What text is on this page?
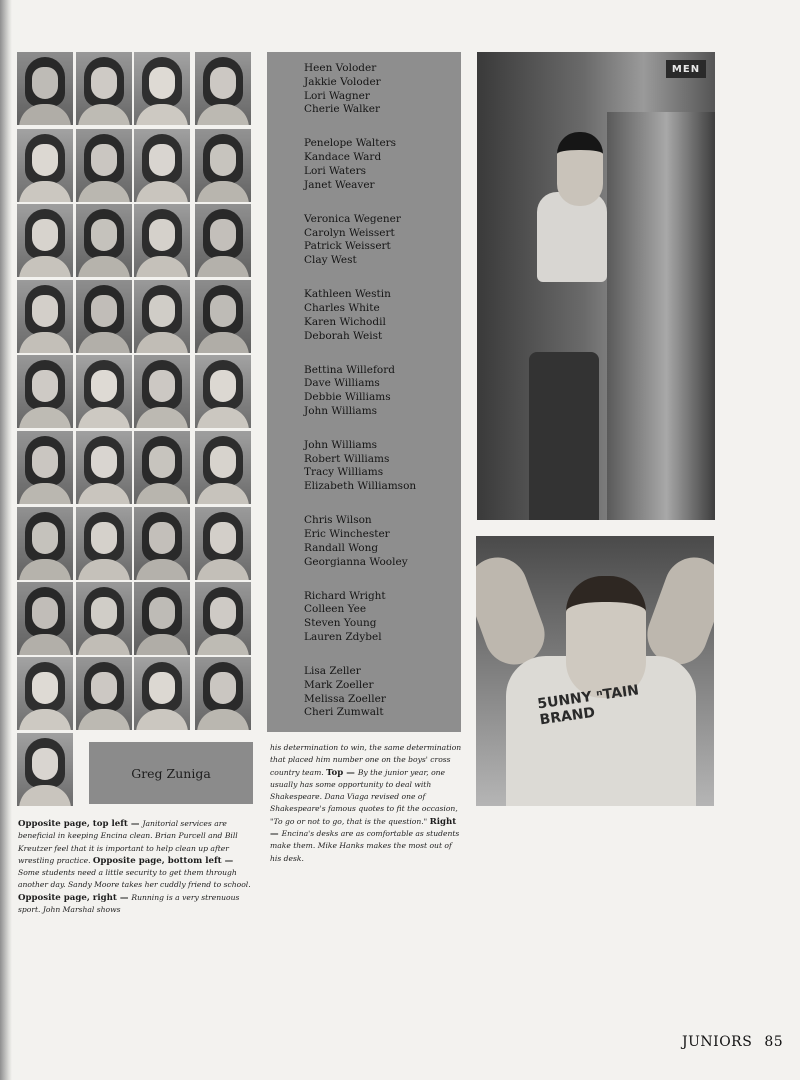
Greg Zuniga
Heen Voloder
Jakkie Voloder
Lori Wagner
Cherie Walker
Penelope Walters
Kandace Ward
Lori Waters
Janet Weaver
Veronica Wegener
Carolyn Weissert
Patrick Weissert
Clay West
Kathleen Westin
Charles White
Karen Wichodil
Deborah Weist
Bettina Willeford
Dave Williams
Debbie Williams
John Williams
John Williams
Robert Williams
Tracy Williams
Elizabeth Williamson
Chris Wilson
Eric Winchester
Randall Wong
Georgianna Wooley
Richard Wright
Colleen Yee
Steven Young
Lauren Zdybel
Lisa Zeller
Mark Zoeller
Melissa Zoeller
Cheri Zumwalt
MEN
5UNNY ⁿTAIN BRAND
Opposite page, top left — Janitorial services are beneficial in keeping Encina clean. Brian Purcell and Bill Kreutzer feel that it is important to help clean up after wrestling practice. Opposite page, bottom left — Some students need a little security to get them through another day. Sandy Moore takes her cuddly friend to school. Opposite page, right — Running is a very strenuous sport. John Marshal shows
his determination to win, the same determination that placed him number one on the boys' cross country team. Top — By the junior year, one usually has some opportunity to deal with Shakespeare. Dana Viaga revised one of Shakespeare's famous quotes to fit the occasion, "To go or not to go, that is the question." Right — Encina's desks are as comfortable as students make them. Mike Hanks makes the most out of his desk.
JUNIORS 85
